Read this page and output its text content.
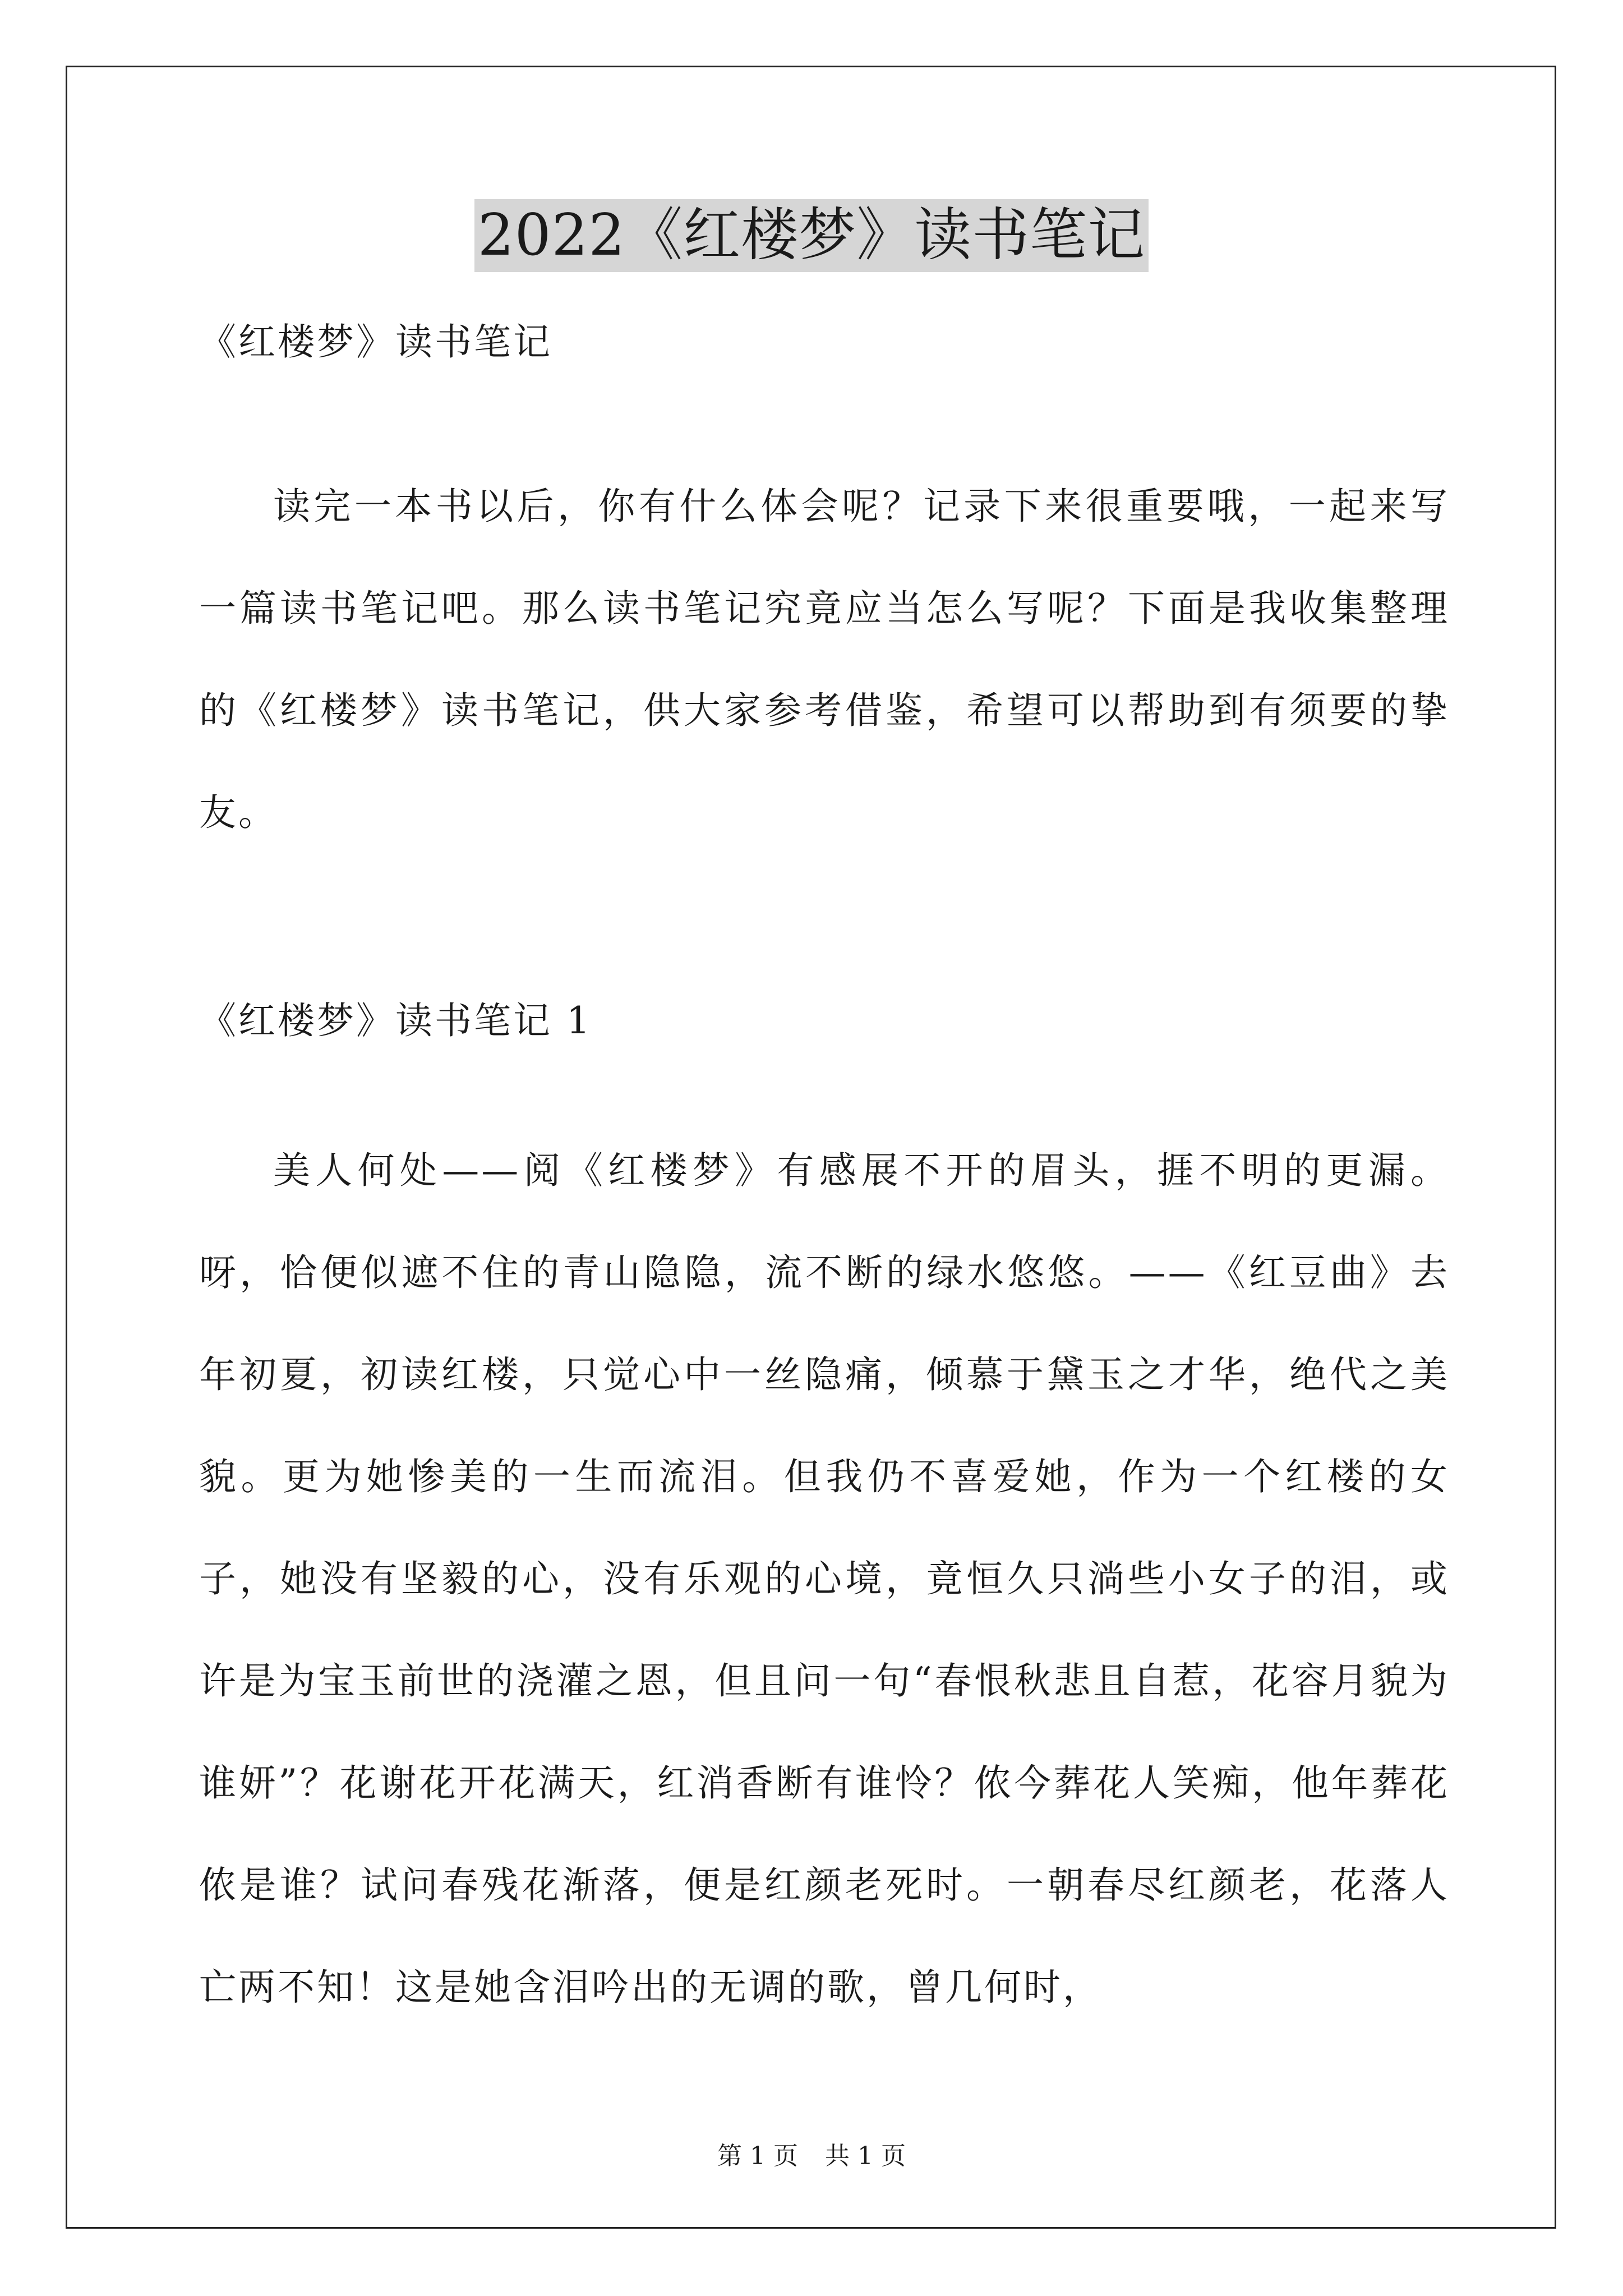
2022《红楼梦》读书笔记
《红楼梦》读书笔记

读完一本书以后，你有什么体会呢？记录下来很重要哦，一起来写一篇读书笔记吧。那么读书笔记究竟应当怎么写呢？下面是我收集整理的《红楼梦》读书笔记，供大家参考借鉴，希望可以帮助到有须要的挚友。

《红楼梦》读书笔记 1

美人何处——阅《红楼梦》有感展不开的眉头，捱不明的更漏。呀，恰便似遮不住的青山隐隐，流不断的绿水悠悠。——《红豆曲》去年初夏，初读红楼，只觉心中一丝隐痛，倾慕于黛玉之才华，绝代之美貌。更为她惨美的一生而流泪。但我仍不喜爱她，作为一个红楼的女子，她没有坚毅的心，没有乐观的心境，竟恒久只淌些小女子的泪，或许是为宝玉前世的浇灌之恩，但且问一句“春恨秋悲且自惹，花容月貌为谁妍”？花谢花开花满天，红消香断有谁怜？侬今葬花人笑痴，他年葬花侬是谁？试问春残花渐落，便是红颜老死时。一朝春尽红颜老，花落人亡两不知！这是她含泪吟出的无调的歌，曾几何时，

第 1 页 共 1 页
